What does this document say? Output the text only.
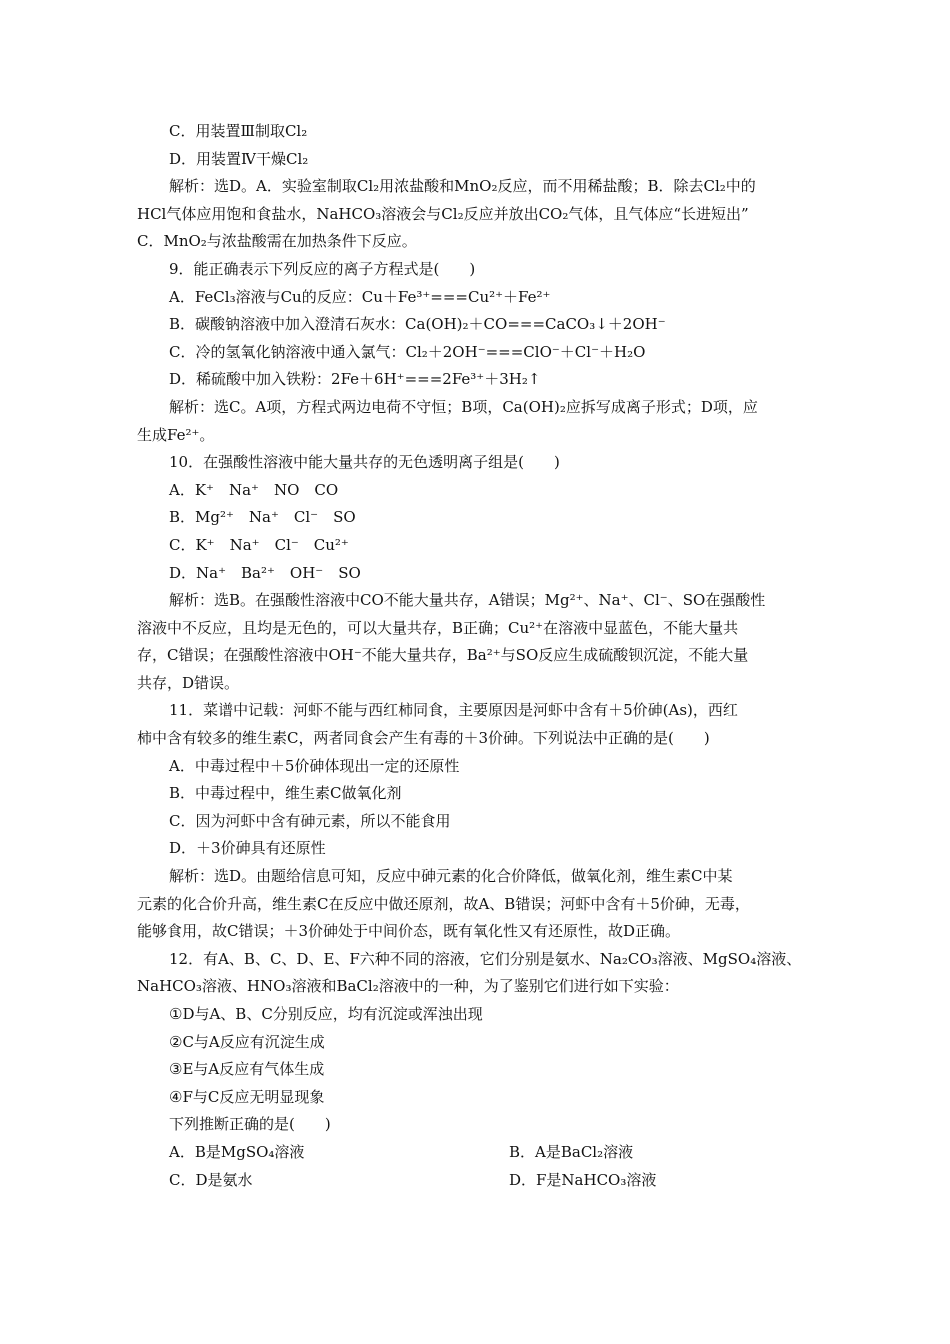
C．用装置Ⅲ制取Cl₂
D．用装置Ⅳ干燥Cl₂
解析：选D。A．实验室制取Cl₂用浓盐酸和MnO₂反应，而不用稀盐酸；B．除去Cl₂中的
HCl气体应用饱和食盐水，NaHCO₃溶液会与Cl₂反应并放出CO₂气体，且气体应“长进短出”
C．MnO₂与浓盐酸需在加热条件下反应。
9．能正确表示下列反应的离子方程式是(　　)
A．FeCl₃溶液与Cu的反应：Cu＋Fe³⁺===Cu²⁺＋Fe²⁺
B．碳酸钠溶液中加入澄清石灰水：Ca(OH)₂＋CO===CaCO₃↓＋2OH⁻
C．冷的氢氧化钠溶液中通入氯气：Cl₂＋2OH⁻===ClO⁻＋Cl⁻＋H₂O
D．稀硫酸中加入铁粉：2Fe＋6H⁺===2Fe³⁺＋3H₂↑
解析：选C。A项，方程式两边电荷不守恒；B项，Ca(OH)₂应拆写成离子形式；D项，应
生成Fe²⁺。
10．在强酸性溶液中能大量共存的无色透明离子组是(　　)
A．K⁺　Na⁺　NO　CO
B．Mg²⁺　Na⁺　Cl⁻　SO
C．K⁺　Na⁺　Cl⁻　Cu²⁺
D．Na⁺　Ba²⁺　OH⁻　SO
解析：选B。在强酸性溶液中CO不能大量共存，A错误；Mg²⁺、Na⁺、Cl⁻、SO在强酸性
溶液中不反应，且均是无色的，可以大量共存，B正确；Cu²⁺在溶液中显蓝色，不能大量共
存，C错误；在强酸性溶液中OH⁻不能大量共存，Ba²⁺与SO反应生成硫酸钡沉淀，不能大量
共存，D错误。
11．菜谱中记载：河虾不能与西红柿同食，主要原因是河虾中含有＋5价砷(As)，西红
柿中含有较多的维生素C，两者同食会产生有毒的＋3价砷。下列说法中正确的是(　　)
A．中毒过程中＋5价砷体现出一定的还原性
B．中毒过程中，维生素C做氧化剂
C．因为河虾中含有砷元素，所以不能食用
D．＋3价砷具有还原性
解析：选D。由题给信息可知，反应中砷元素的化合价降低，做氧化剂，维生素C中某
元素的化合价升高，维生素C在反应中做还原剂，故A、B错误；河虾中含有＋5价砷，无毒，
能够食用，故C错误；＋3价砷处于中间价态，既有氧化性又有还原性，故D正确。
12．有A、B、C、D、E、F六种不同的溶液，它们分别是氨水、Na₂CO₃溶液、MgSO₄溶液、
NaHCO₃溶液、HNO₃溶液和BaCl₂溶液中的一种，为了鉴别它们进行如下实验：
①D与A、B、C分别反应，均有沉淀或浑浊出现
②C与A反应有沉淀生成
③E与A反应有气体生成
④F与C反应无明显现象
下列推断正确的是(　　)
A．B是MgSO₄溶液	B．A是BaCl₂溶液
C．D是氨水	D．F是NaHCO₃溶液
